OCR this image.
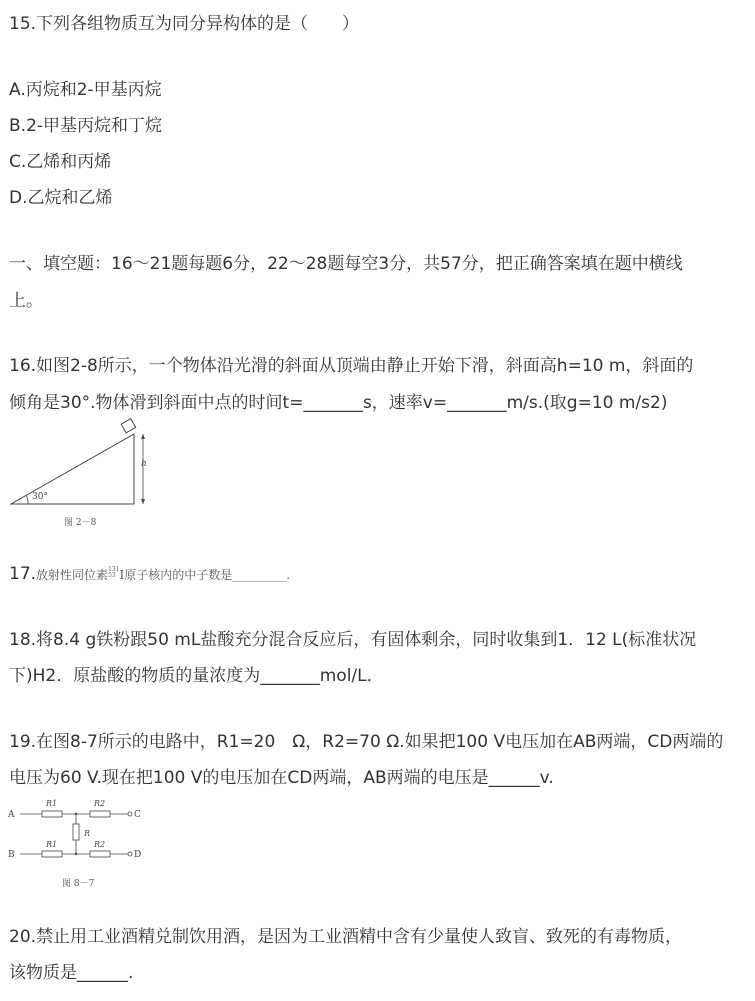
15.下列各组物质互为同分异构体的是（　　）
A.丙烷和2-甲基丙烷
B.2-甲基丙烷和丁烷
C.乙烯和丙烯
D.乙烷和乙烯
一、填空题：16～21题每题6分，22～28题每空3分，共57分，把正确答案填在题中横线
上。
16.如图2-8所示，一个物体沿光滑的斜面从顶端由静止开始下滑，斜面高h=10 m，斜面的
倾角是30°.物体滑到斜面中点的时间t=_______s，速率v=_______m/s.(取g=10 m/s2)
30°
h
图 2－8
17.放射性同位素131
53 I原子核内的中子数是_________.
18.将8.4 g铁粉跟50 mL盐酸充分混合反应后，有固体剩余，同时收集到1．12 L(标准状况
下)H2．原盐酸的物质的量浓度为_______mol/L．
19.在图8-7所示的电路中，R1=20　Ω，R2=70 Ω.如果把100 V电压加在AB两端，CD两端的
电压为60 V.现在把100 V的电压加在CD两端，AB两端的电压是______v.
A
B
C
D
R1	R2
R
R1	R2
图 8－7
20.禁止用工业酒精兑制饮用酒，是因为工业酒精中含有少量使人致盲、致死的有毒物质，
该物质是______.
